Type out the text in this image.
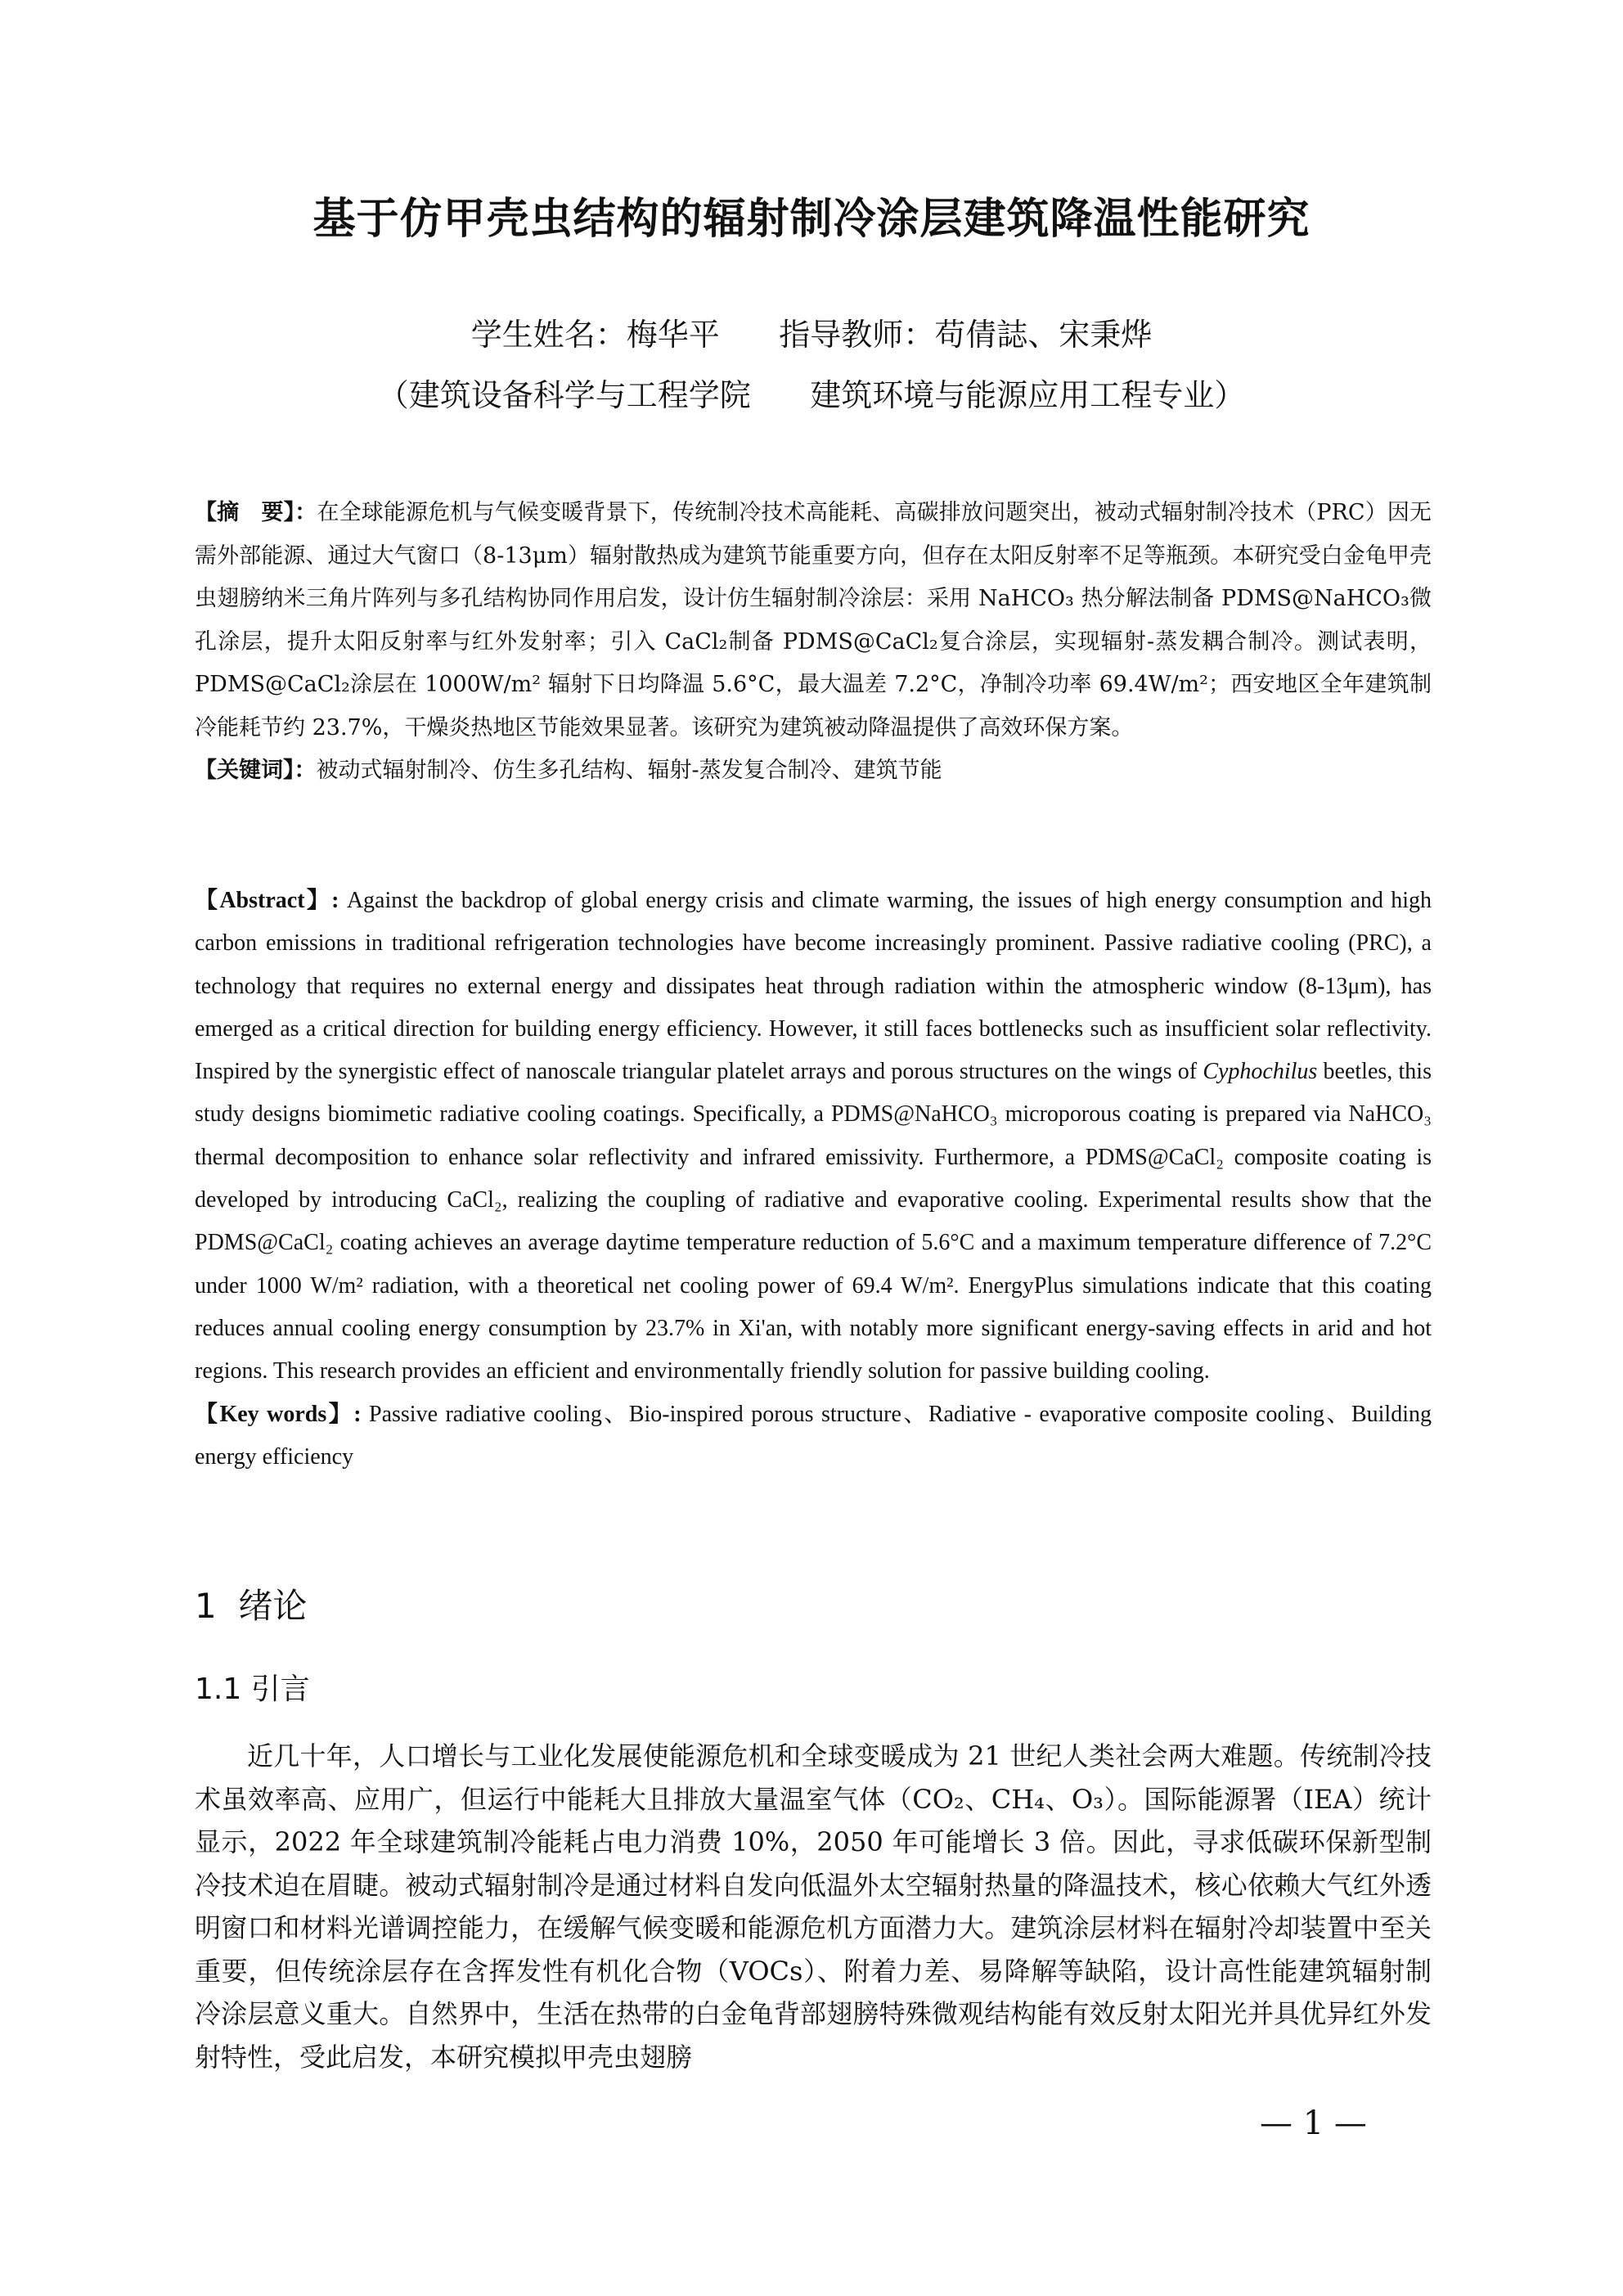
基于仿甲壳虫结构的辐射制冷涂层建筑降温性能研究
学生姓名：梅华平      指导教师：苟倩誌、宋秉烨
（建筑设备科学与工程学院      建筑环境与能源应用工程专业）

【摘　要】：在全球能源危机与气候变暖背景下，传统制冷技术高能耗、高碳排放问题突出，被动式辐射制冷技术（PRC）因无需外部能源、通过大气窗口（8-13μm）辐射散热成为建筑节能重要方向，但存在太阳反射率不足等瓶颈。本研究受白金龟甲壳虫翅膀纳米三角片阵列与多孔结构协同作用启发，设计仿生辐射制冷涂层：采用 NaHCO₃ 热分解法制备 PDMS@NaHCO₃微孔涂层，提升太阳反射率与红外发射率；引入 CaCl₂制备 PDMS@CaCl₂复合涂层，实现辐射-蒸发耦合制冷。测试表明，PDMS@CaCl₂涂层在 1000W/m² 辐射下日均降温 5.6°C，最大温差 7.2°C，净制冷功率 69.4W/m²；西安地区全年建筑制冷能耗节约 23.7%，干燥炎热地区节能效果显著。该研究为建筑被动降温提供了高效环保方案。

【关键词】：被动式辐射制冷、仿生多孔结构、辐射-蒸发复合制冷、建筑节能

【Abstract】: Against the backdrop of global energy crisis and climate warming, the issues of high energy consumption and high carbon emissions in traditional refrigeration technologies have become increasingly prominent. Passive radiative cooling (PRC), a technology that requires no external energy and dissipates heat through radiation within the atmospheric window (8-13μm), has emerged as a critical direction for building energy efficiency. However, it still faces bottlenecks such as insufficient solar reflectivity. Inspired by the synergistic effect of nanoscale triangular platelet arrays and porous structures on the wings of Cyphochilus beetles, this study designs biomimetic radiative cooling coatings. Specifically, a PDMS@NaHCO₃ microporous coating is prepared via NaHCO₃ thermal decomposition to enhance solar reflectivity and infrared emissivity. Furthermore, a PDMS@CaCl₂ composite coating is developed by introducing CaCl₂, realizing the coupling of radiative and evaporative cooling. Experimental results show that the PDMS@CaCl₂ coating achieves an average daytime temperature reduction of 5.6°C and a maximum temperature difference of 7.2°C under 1000 W/m² radiation, with a theoretical net cooling power of 69.4 W/m². EnergyPlus simulations indicate that this coating reduces annual cooling energy consumption by 23.7% in Xi'an, with notably more significant energy-saving effects in arid and hot regions. This research provides an efficient and environmentally friendly solution for passive building cooling.

【Key words】: Passive radiative cooling、Bio-inspired porous structure、Radiative - evaporative composite cooling、Building energy efficiency

1  绪论
1.1 引言

近几十年，人口增长与工业化发展使能源危机和全球变暖成为 21 世纪人类社会两大难题。传统制冷技术虽效率高、应用广，但运行中能耗大且排放大量温室气体（CO₂、CH₄、O₃）。国际能源署（IEA）统计显示，2022 年全球建筑制冷能耗占电力消费 10%，2050 年可能增长 3 倍。因此，寻求低碳环保新型制冷技术迫在眉睫。被动式辐射制冷是通过材料自发向低温外太空辐射热量的降温技术，核心依赖大气红外透明窗口和材料光谱调控能力，在缓解气候变暖和能源危机方面潜力大。建筑涂层材料在辐射冷却装置中至关重要，但传统涂层存在含挥发性有机化合物（VOCs）、附着力差、易降解等缺陷，设计高性能建筑辐射制冷涂层意义重大。自然界中，生活在热带的白金龟背部翅膀特殊微观结构能有效反射太阳光并具优异红外发射特性，受此启发，本研究模拟甲壳虫翅膀

— 1 —
